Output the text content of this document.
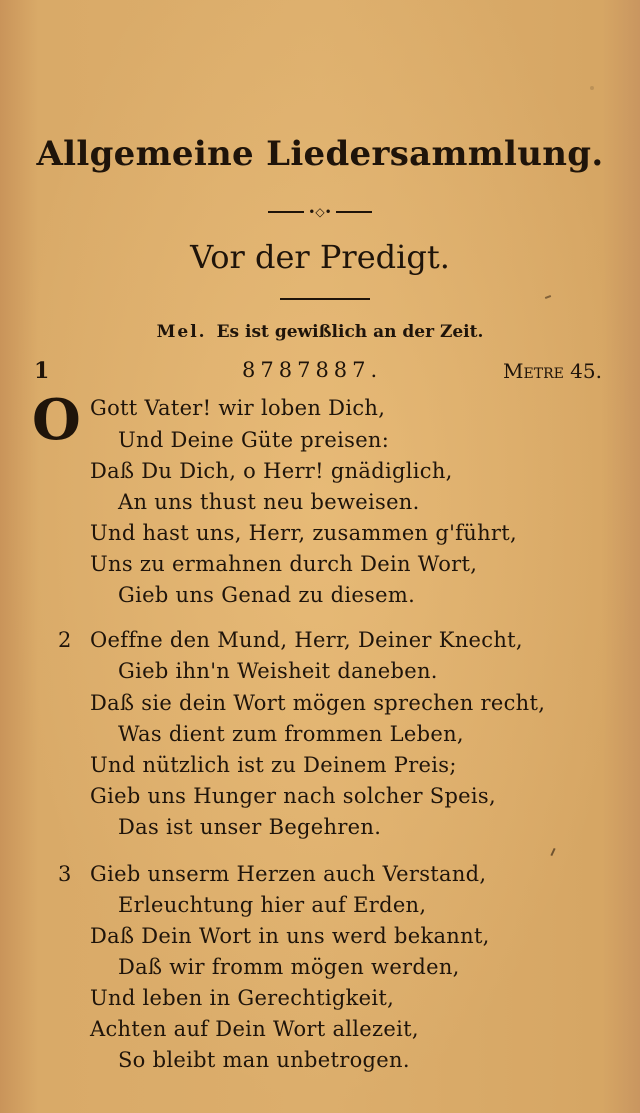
Allgemeine Liedersammlung.
•◇•
Vor der Predigt.
Mel. Es ist gewißlich an der Zeit.
1	8787887.	Metre 45.
O Gott Vater! wir loben Dich,
Und Deine Güte preisen:
Daß Du Dich, o Herr! gnädiglich,
An uns thust neu beweisen.
Und hast uns, Herr, zusammen g'führt,
Uns zu ermahnen durch Dein Wort,
Gieb uns Genad zu diesem.
2 Oeffne den Mund, Herr, Deiner Knecht,
Gieb ihn'n Weisheit daneben.
Daß sie dein Wort mögen sprechen recht,
Was dient zum frommen Leben,
Und nützlich ist zu Deinem Preis;
Gieb uns Hunger nach solcher Speis,
Das ist unser Begehren.
3 Gieb unserm Herzen auch Verstand,
Erleuchtung hier auf Erden,
Daß Dein Wort in uns werd bekannt,
Daß wir fromm mögen werden,
Und leben in Gerechtigkeit,
Achten auf Dein Wort allezeit,
So bleibt man unbetrogen.
